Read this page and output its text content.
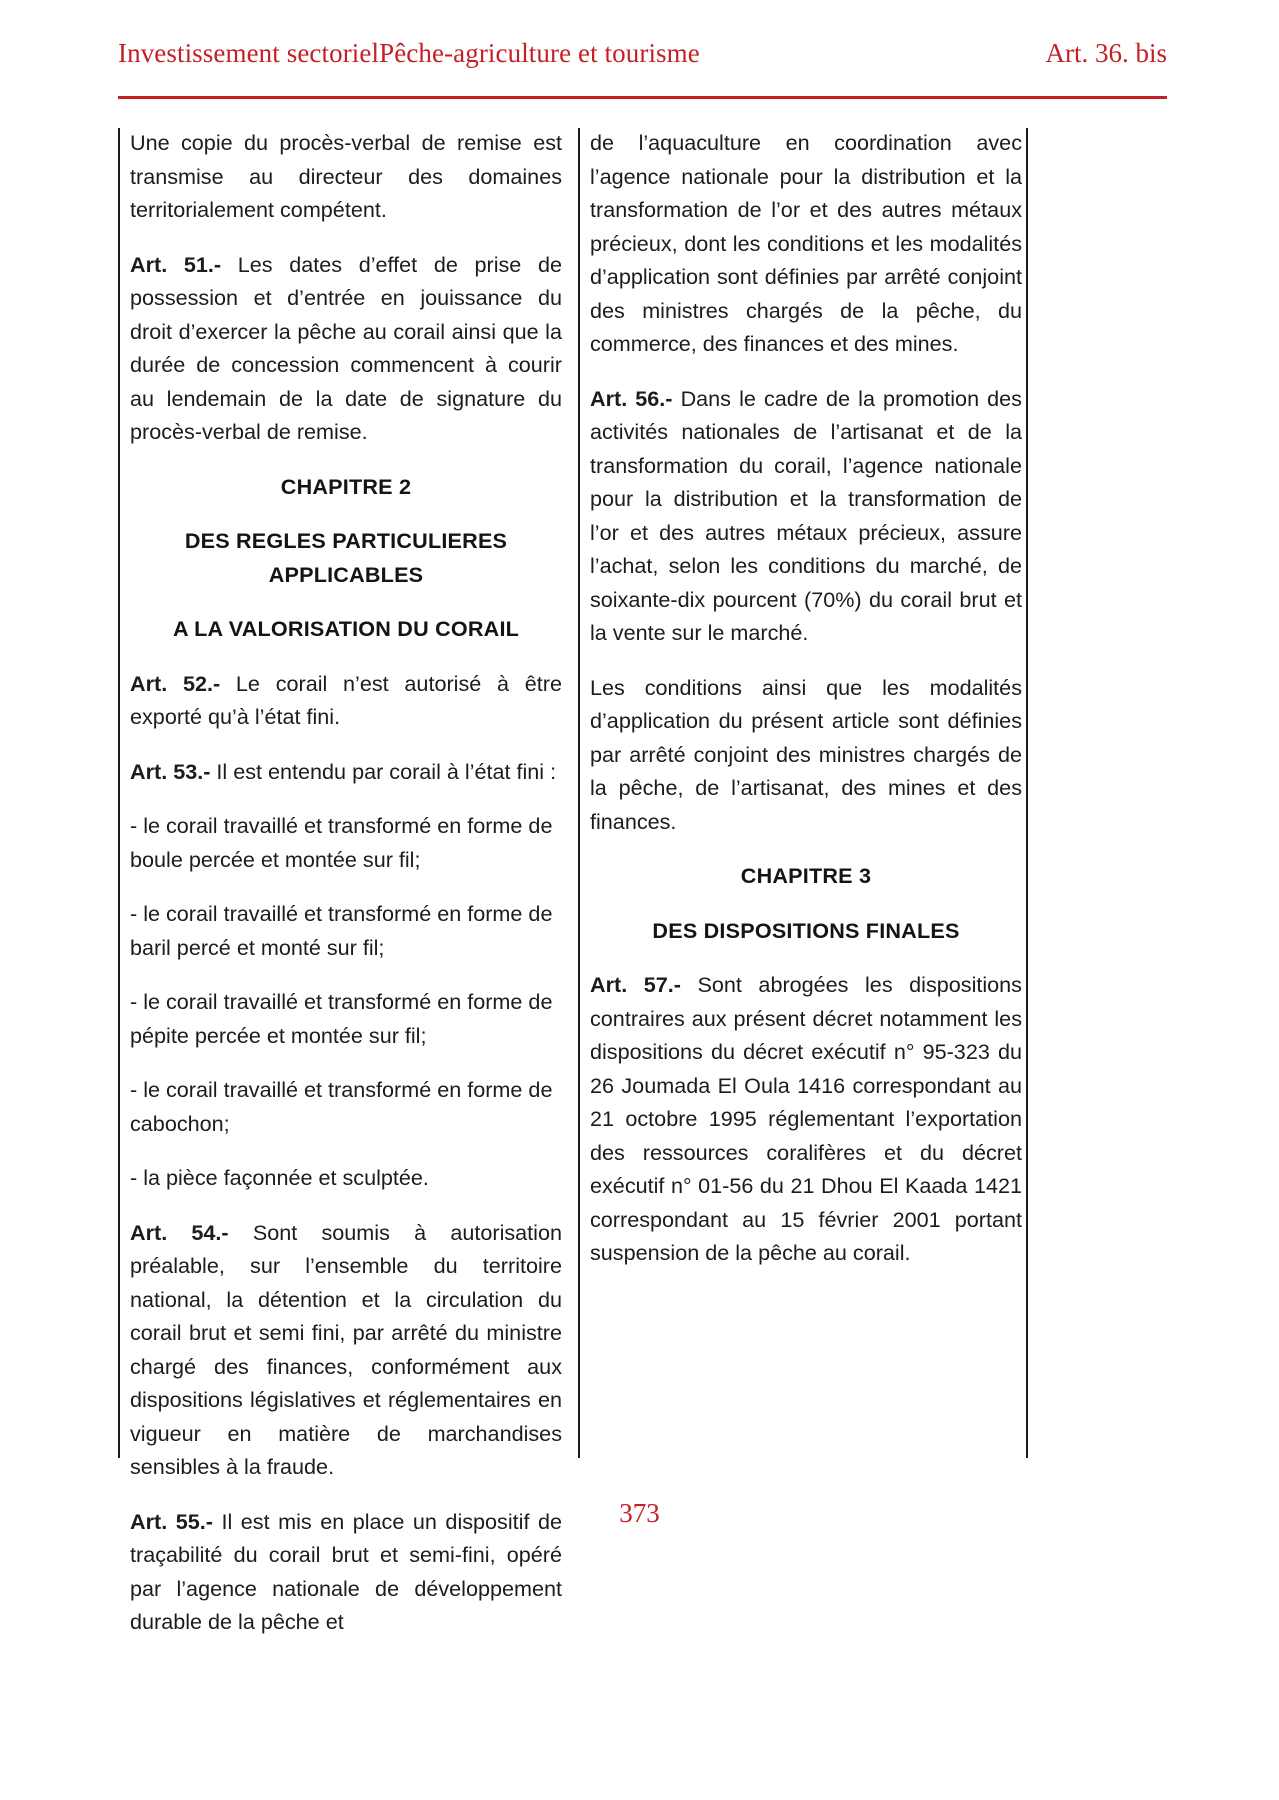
Investissement sectorielPêche-agriculture et tourisme	Art. 36. bis

Une copie du procès-verbal de remise est transmise au directeur des domaines territorialement compétent.

Art. 51.- Les dates d’effet de prise de possession et d’entrée en jouissance du droit d’exercer la pêche au corail ainsi que la durée de concession commencent à courir au lendemain de la date de signature du procès-verbal de remise.

CHAPITRE 2
DES REGLES PARTICULIERES APPLICABLES
A LA VALORISATION DU CORAIL

Art. 52.- Le corail n’est autorisé à être exporté qu’à l’état fini.

Art. 53.- Il est entendu par corail à l’état fini :

- le corail travaillé et transformé en forme de boule percée et montée sur fil;

- le corail travaillé et transformé en forme de baril percé et monté sur fil;

- le corail travaillé et transformé en forme de pépite percée et montée sur fil;

- le corail travaillé et transformé en forme de cabochon;

- la pièce façonnée et sculptée.

Art. 54.- Sont soumis à autorisation préalable, sur l’ensemble du territoire national, la détention et la circulation du corail brut et semi fini, par arrêté du ministre chargé des finances, conformément aux dispositions législatives et réglementaires en vigueur en matière de marchandises sensibles à la fraude.

Art. 55.- Il est mis en place un dispositif de traçabilité du corail brut et semi-fini, opéré par l’agence nationale de développement durable de la pêche et

de l’aquaculture en coordination avec l’agence nationale pour la distribution et la transformation de l’or et des autres métaux précieux, dont les conditions et les modalités d’application sont définies par arrêté conjoint des ministres chargés de la pêche, du commerce, des finances et des mines.

Art. 56.- Dans le cadre de la promotion des activités nationales de l’artisanat et de la transformation du corail, l’agence nationale pour la distribution et la transformation de l’or et des autres métaux précieux, assure l’achat, selon les conditions du marché, de soixante-dix pourcent (70%) du corail brut et la vente sur le marché.

Les conditions ainsi que les modalités d’application du présent article sont définies par arrêté conjoint des ministres chargés de la pêche, de l’artisanat, des mines et des finances.

CHAPITRE 3
DES DISPOSITIONS FINALES

Art. 57.- Sont abrogées les dispositions contraires aux présent décret notamment les dispositions du décret exécutif n° 95-323 du 26 Joumada El Oula 1416 correspondant au 21 octobre 1995 réglementant l’exportation des ressources coralifères et du décret exécutif n° 01-56 du 21 Dhou El Kaada 1421 correspondant au 15 février 2001 portant suspension de la pêche au corail.

373
